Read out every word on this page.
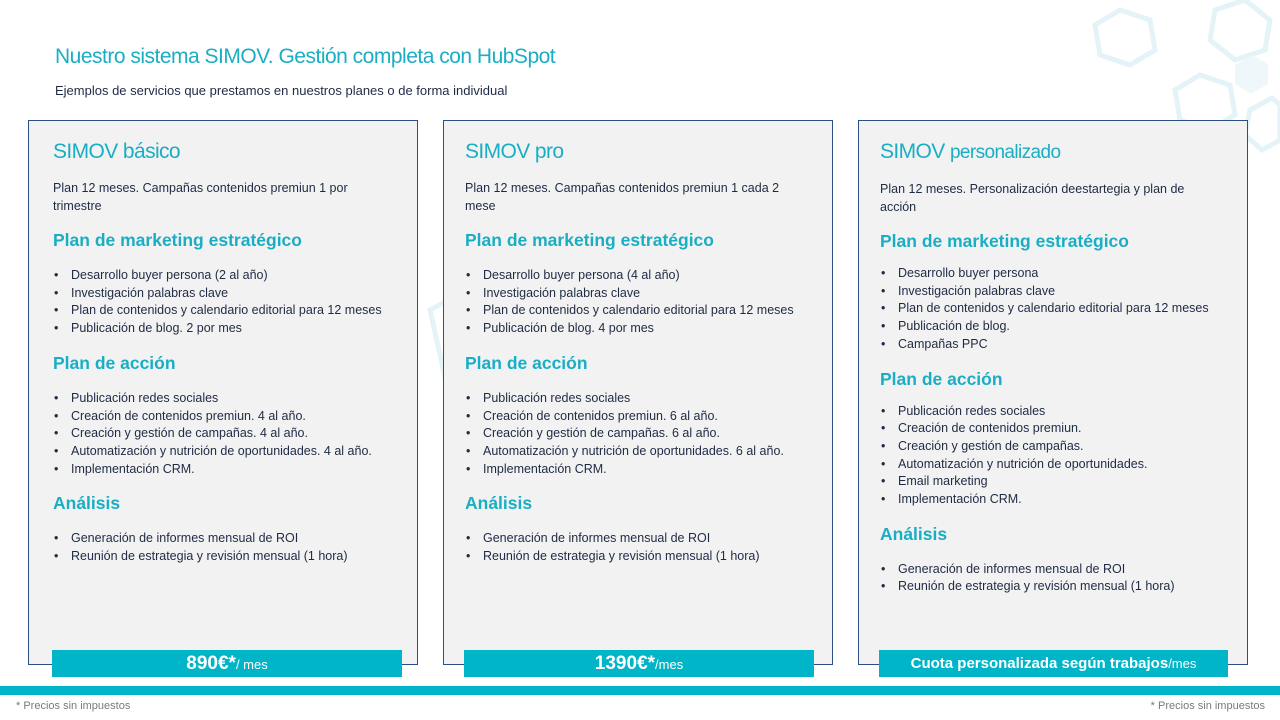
Nuestro sistema SIMOV. Gestión completa con HubSpot
Ejemplos de servicios que prestamos en nuestros planes o de forma individual
SIMOV básico
Plan 12 meses. Campañas contenidos premiun 1 por trimestre
Plan de marketing estratégico
• Desarrollo buyer persona (2 al año)
• Investigación palabras clave
• Plan de contenidos y calendario editorial para 12 meses
• Publicación de blog. 2 por mes
Plan de acción
• Publicación redes sociales
• Creación de contenidos premiun. 4 al año.
• Creación y gestión de campañas. 4 al año.
• Automatización y nutrición de oportunidades. 4 al año.
• Implementación CRM.
Análisis
• Generación de informes mensual de ROI
• Reunión de estrategia y revisión mensual (1 hora)
890€*/ mes
SIMOV pro
Plan 12 meses. Campañas contenidos premiun 1 cada 2 mese
Plan de marketing estratégico
• Desarrollo buyer persona (4 al año)
• Investigación palabras clave
• Plan de contenidos y calendario editorial para 12 meses
• Publicación de blog. 4 por mes
Plan de acción
• Publicación redes sociales
• Creación de contenidos premiun. 6 al año.
• Creación y gestión de campañas. 6 al año.
• Automatización y nutrición de oportunidades. 6 al año.
• Implementación CRM.
Análisis
• Generación de informes mensual de ROI
• Reunión de estrategia y revisión mensual (1 hora)
1390€*/mes
SIMOV personalizado
Plan 12 meses. Personalización deestartegia y plan de acción
Plan de marketing estratégico
• Desarrollo buyer persona
• Investigación palabras clave
• Plan de contenidos y calendario editorial para 12 meses
• Publicación de blog.
• Campañas PPC
Plan de acción
• Publicación redes sociales
• Creación de contenidos premiun.
• Creación y gestión de campañas.
• Automatización y nutrición de oportunidades.
• Email marketing
• Implementación CRM.
Análisis
• Generación de informes mensual de ROI
• Reunión de estrategia y revisión mensual (1 hora)
Cuota personalizada según trabajos/mes
* Precios sin impuestos	* Precios sin impuestos
